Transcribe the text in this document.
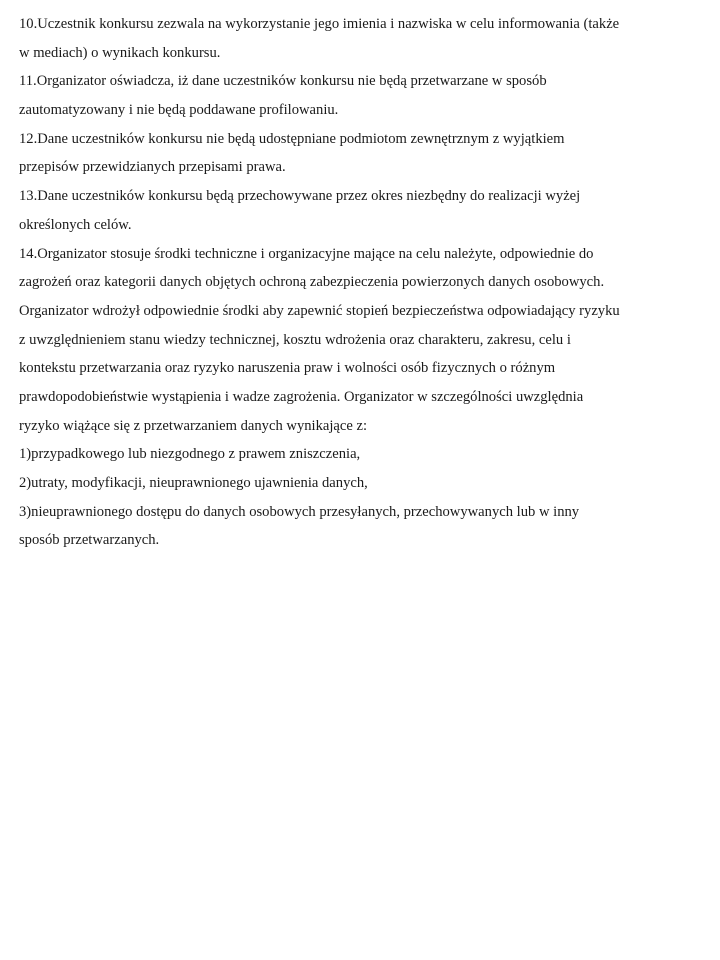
10.Uczestnik konkursu zezwala na wykorzystanie jego imienia i nazwiska w celu informowania (także
w mediach) o wynikach konkursu.
11.Organizator oświadcza, iż dane uczestników konkursu nie będą przetwarzane w sposób
zautomatyzowany i nie będą poddawane profilowaniu.
12.Dane uczestników konkursu nie będą udostępniane podmiotom zewnętrznym z wyjątkiem
przepisów przewidzianych przepisami prawa.
13.Dane uczestników konkursu będą przechowywane przez okres niezbędny do realizacji wyżej
określonych celów.
14.Organizator stosuje środki techniczne i organizacyjne mające na celu należyte, odpowiednie do
zagrożeń oraz kategorii danych objętych ochroną zabezpieczenia powierzonych danych osobowych.
Organizator wdrożył odpowiednie środki aby zapewnić stopień bezpieczeństwa odpowiadający ryzyku
z uwzględnieniem stanu wiedzy technicznej, kosztu wdrożenia oraz charakteru, zakresu, celu i
kontekstu przetwarzania oraz ryzyko naruszenia praw i wolności osób fizycznych o różnym
prawdopodobieństwie wystąpienia i wadze zagrożenia. Organizator w szczególności uwzględnia
ryzyko wiążące się z przetwarzaniem danych wynikające z:
1)przypadkowego lub niezgodnego z prawem zniszczenia,
2)utraty, modyfikacji, nieuprawnionego ujawnienia danych,
3)nieuprawnionego dostępu do danych osobowych przesyłanych, przechowywanych lub w inny
sposób przetwarzanych.
